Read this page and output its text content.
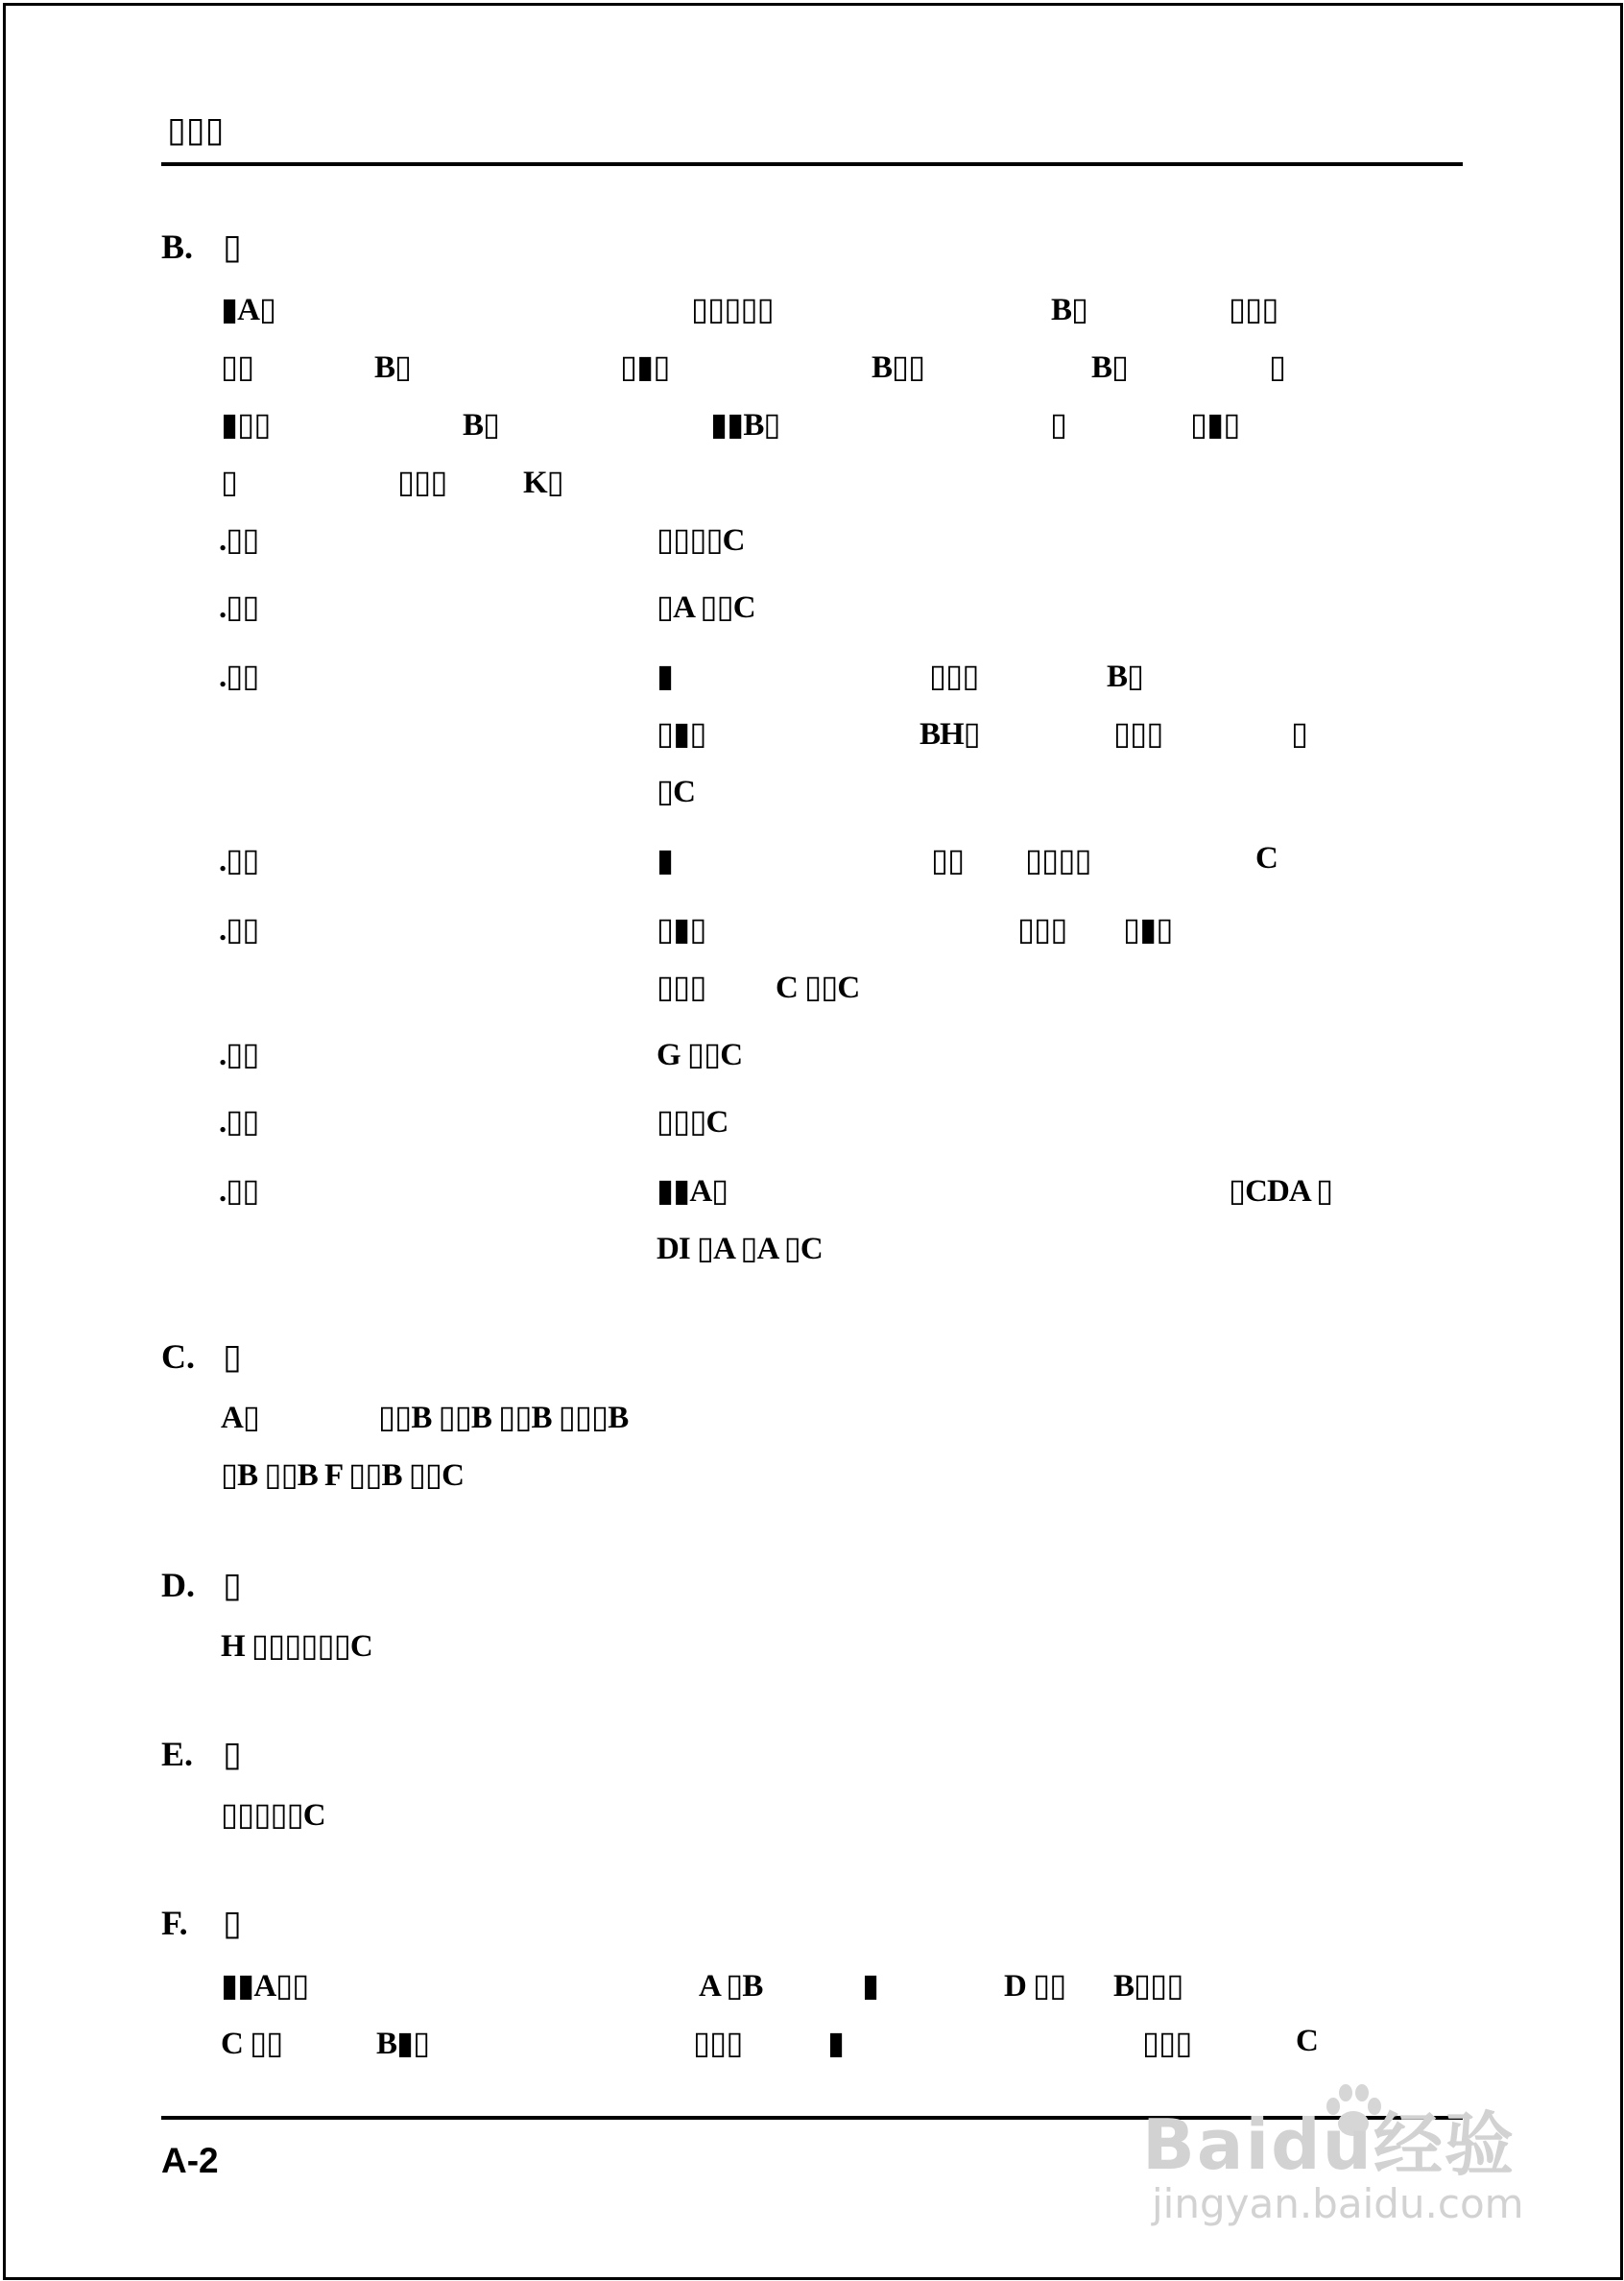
▯▯▯
B. ▯
▮A▯	▯▯▯▯▯	B▯	▯▯▯
▯▯	B▯	▯▮▯	B▯▯	B▯	▯
▮▯▯	B▯	▮▮B▯	▯	▯▮▯
▯	▯▯▯ K▯
.▯▯	▯▯▯▯C
.▯▯	▯A ▯▯C
.▯▯	▮	▯▯▯	B▯
▯▮▯	BH▯	▯▯▯	▯
▯C
.▯▯	▮	▯▯ ▯▯▯▯	C
.▯▯	▯▮▯	▯▯▯ ▯▮▯
▯▯▯ C ▯▯C
.▯▯	G ▯▯C
.▯▯	▯▯▯C
.▯▯	▮▮A▯	▯CDA ▯
DI ▯A ▯A ▯C
C. ▯
A▯	▯▯B ▯▯B ▯▯B ▯▯▯B
▯B ▯▯B F ▯▯B ▯▯C
D. ▯
H ▯▯▯▯▯▯C
E. ▯
▯▯▯▯▯C
F. ▯
▮▮A▯▯	A ▯B	▮	D ▯▯ B▯▯▯
C ▯▯	B▮▯	▯▯▯	▮	▯▯▯	C
A-2	Baidu经验
jingyan.baidu.com
